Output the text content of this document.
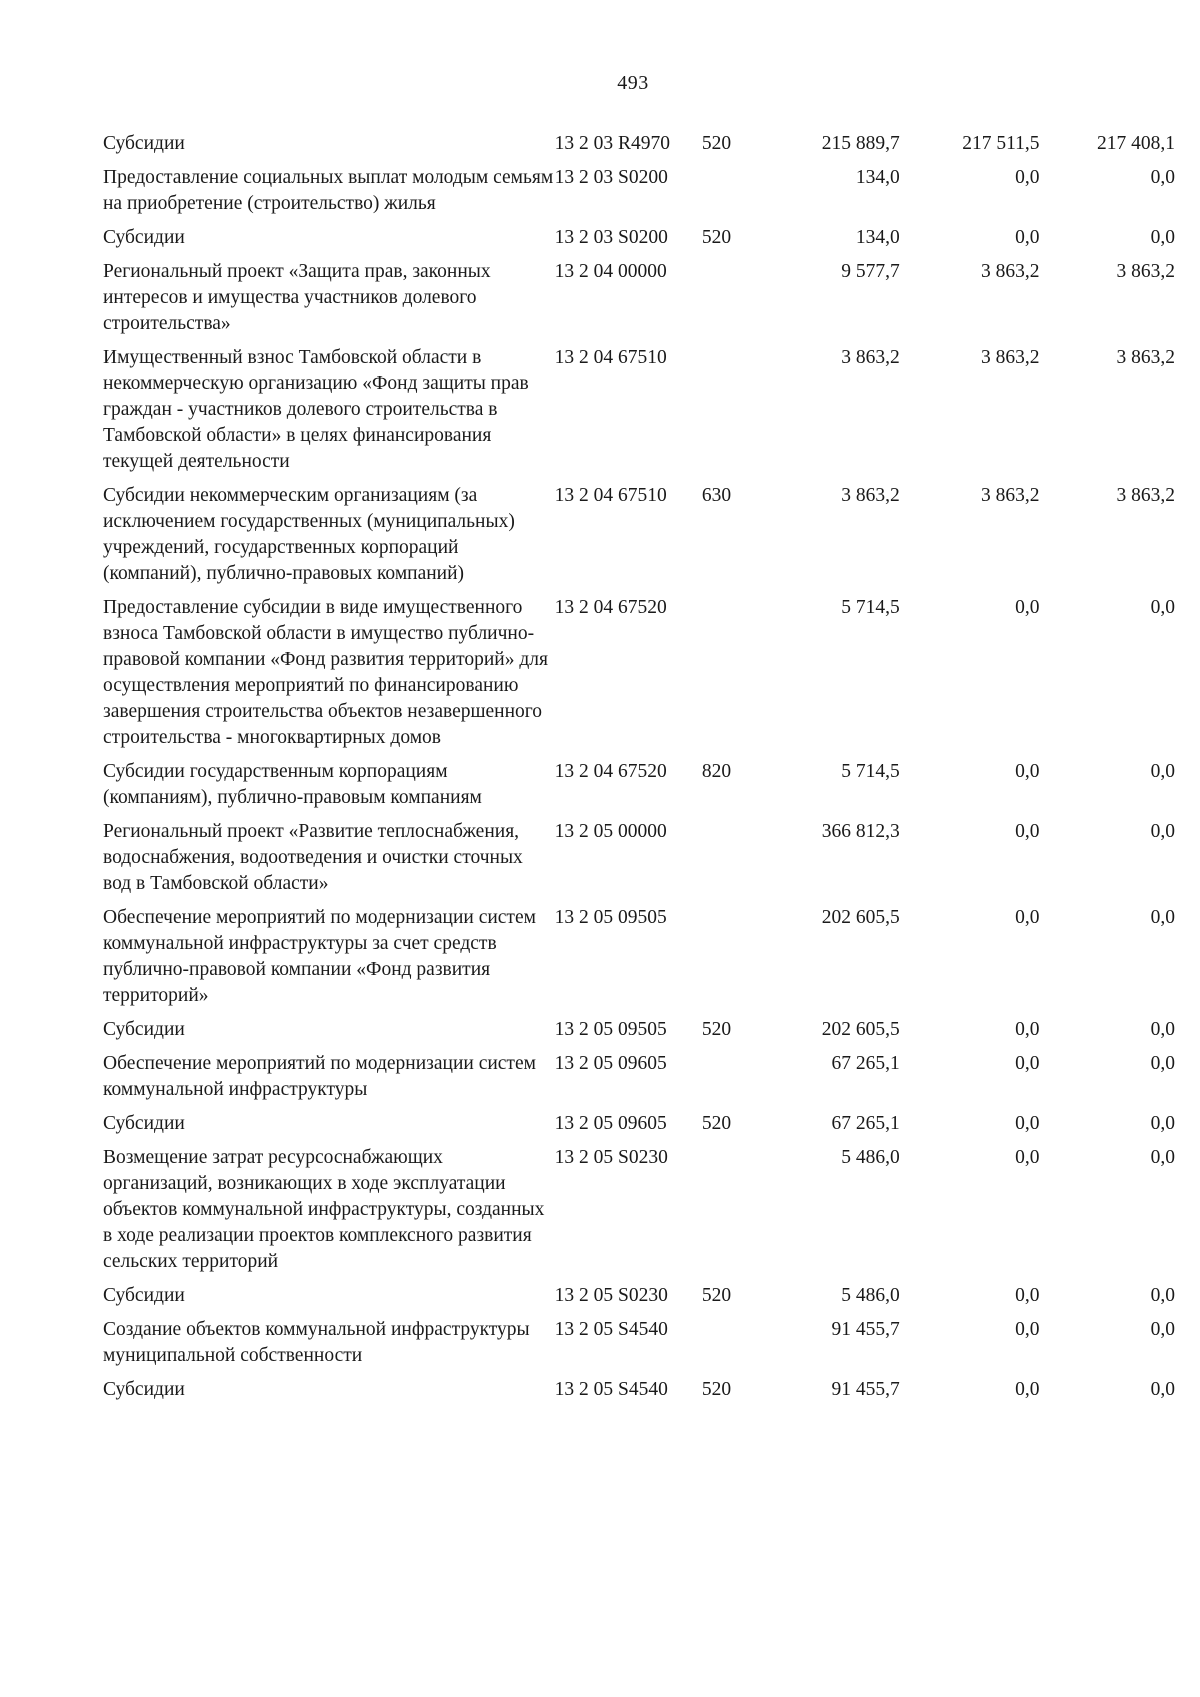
493
Субсидии	13 2 03 R4970	520	215 889,7	217 511,5	217 408,1
Предоставление социальных выплат молодым семьям на приобретение (строительство) жилья	13 2 03 S0200		134,0	0,0	0,0
Субсидии	13 2 03 S0200	520	134,0	0,0	0,0
Региональный проект «Защита прав, законных интересов и имущества участников долевого строительства»	13 2 04 00000		9 577,7	3 863,2	3 863,2
Имущественный взнос Тамбовской области в некоммерческую организацию «Фонд защиты прав граждан - участников долевого строительства в Тамбовской области» в целях финансирования текущей деятельности	13 2 04 67510		3 863,2	3 863,2	3 863,2
Субсидии некоммерческим организациям (за исключением государственных (муниципальных) учреждений, государственных корпораций (компаний), публично-правовых компаний)	13 2 04 67510	630	3 863,2	3 863,2	3 863,2
Предоставление субсидии в виде имущественного взноса Тамбовской области в имущество публично-правовой компании «Фонд развития территорий» для осуществления мероприятий по финансированию завершения строительства объектов незавершенного строительства - многоквартирных домов	13 2 04 67520		5 714,5	0,0	0,0
Субсидии государственным корпорациям (компаниям), публично-правовым компаниям	13 2 04 67520	820	5 714,5	0,0	0,0
Региональный проект «Развитие теплоснабжения, водоснабжения, водоотведения и очистки сточных вод в Тамбовской области»	13 2 05 00000		366 812,3	0,0	0,0
Обеспечение мероприятий по модернизации систем коммунальной инфраструктуры за счет средств публично-правовой компании «Фонд развития территорий»	13 2 05 09505		202 605,5	0,0	0,0
Субсидии	13 2 05 09505	520	202 605,5	0,0	0,0
Обеспечение мероприятий по модернизации систем коммунальной инфраструктуры	13 2 05 09605		67 265,1	0,0	0,0
Субсидии	13 2 05 09605	520	67 265,1	0,0	0,0
Возмещение затрат ресурсоснабжающих организаций, возникающих в ходе эксплуатации объектов коммунальной инфраструктуры, созданных в ходе реализации проектов комплексного развития сельских территорий	13 2 05 S0230		5 486,0	0,0	0,0
Субсидии	13 2 05 S0230	520	5 486,0	0,0	0,0
Создание объектов коммунальной инфраструктуры муниципальной собственности	13 2 05 S4540		91 455,7	0,0	0,0
Субсидии	13 2 05 S4540	520	91 455,7	0,0	0,0
